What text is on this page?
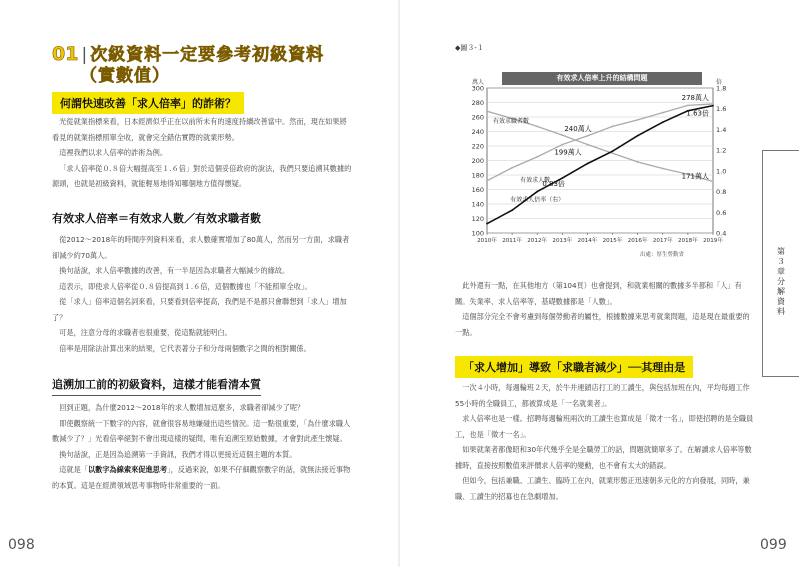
01 | 次級資料一定要參考初級資料
（實數值）
何謂快速改善「求人倍率」的詐術？

光從就業指標來看，日本經濟似乎正在以前所未有的速度持續改善當中。然而，現在如果將看見的就業指標照單全收，就會完全錯估實際的就業形勢。

這裡我們以求人倍率的詐術為例。

「求人倍率從０.８倍大幅提高至１.６倍」對於這個妥倍政府的說法，我們只要追溯其數據的源頭，也就是初級資料，就能輕易地得知哪個地方值得懷疑。

有效求人倍率＝有效求人數／有效求職者數

從2012～2018年的時間序列資料來看，求人數確實增加了80萬人，然而另一方面，求職者卻減少約70萬人。

換句話說，求人倍率數據的改善，有一半是因為求職者大幅減少的緣故。

這表示，即使求人倍率從０.８倍提高到１.６倍，這個數據也「不能照單全收」。

從「求人」倍率這個名詞來看，只要看到倍率提高，我們是不是都只會聯想到「求人」增加了？

可是，注意分母的求職者也很重要，從這點就能明白。

倍率是用除法計算出來的結果，它代表著分子和分母兩個數字之間的相對關係。

追溯加工前的初級資料，這樣才能看清本質

回到正題，為什麼2012～2018年的求人數增加這麼多，求職者卻減少了呢？

即使觀察統一下數字的內容，就會很容易地嫌碰出這些情況。這一點很重要，「為什麼求職人數減少了？」光看倍率絕對不會出現這樣的疑問，唯有追溯至原始數據，才會對此產生懷疑。

換句話說，正是因為追溯第一手資訊，我們才得以更接近這個主題的本質。

這就是「以數字為線索來促進思考」，反過來說，如果不仔細觀察數字的話，就無法接近事物的本質。這是在經濟領域思考事物時非常重要的一面。

098
◆圖３-１
有效求人倍率上升的結構問題
100
120
140
160
180
200
220
240
260
280
300
0.4
0.6
0.8
1.0
1.2
1.4
1.6
1.8
萬人	倍
2010年 2011年 2012年 2013年 2014年 2015年 2016年 2017年 2018年 2019年
有效求人數
有效求職者數
有效求人倍率（右）
278萬人
240萬人
199萬人
0.83倍
171萬人
1.63倍
出處：厚生勞動省

此外還有一點，在其他地方（第104頁）也會提到，和就業相關的數據多半都和「人」有關。失業率、求人倍率等，基礎數據都是「人數」。

這個部分完全不會考慮到每個勞動者的屬性，根據數據來思考就業問題，這是現在最重要的一點。

「求人增加」導致「求職者減少」──其理由是

一次４小時，每週輪班２天，於牛井連鎖店打工的工讀生，與包括加班在內，平均每週工作55小時的全職員工，都被算成是「一名就業者」。

求人倍率也是一樣。招聘每週輪班兩次的工讀生也算成是「徵才一名」，即使招聘的是全職員工，也是「徵才一名」。

如果就業者都像昭和30年代幾乎全是全職勞工的話，問題就簡單多了。在解讀求人倍率等數據時，直接按照數值來評價求人倍率的變動，也不會有太大的錯誤。

但如今，包括兼職、工讀生、臨時工在內，就業形態正迅速朝多元化的方向發展，同時，兼職、工讀生的招募也在急劇增加。

第３章　分解資料
099
